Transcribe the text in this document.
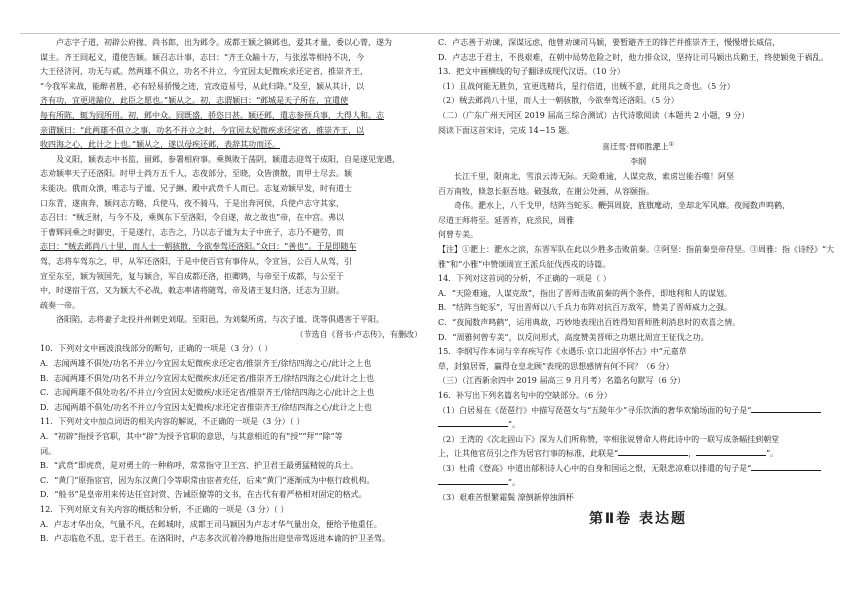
卢志字子道，初辟公府掾、尚书郎，出为邺令。成都王颖之镇邺也，爱其才量，委以心膂，遂为

谋主。齐王冏起义，遣使告颖。颖召志计事，志曰：“齐王众踰十万，与张泓等相持不决，今

大王径济河，功无与贰。然两雄不俱立，功名不并立，今宜因太妃微疾求还定省，推崇齐王，

“今我军来战，能醉者胜，必有轻易骄慢之迹，宜改造易号，从此归降。”及至，颖从其计，以

齐有功，宜更进踰位，此臣之愿也。”颖从之。初，志谓颖曰：“邺城是天子所在，宜遣使

每有所陈，辄为冏所用。初，邺中众。冏既盛，骄恣日甚。颖还邺，遣志参预兵事，大得人和。志

亲谓颖曰：“此两雄不俱立之事，功名不并立之时，今宜因太妃微疾求还定省，推崇齐王，以

收四海之心，此计之上也。”颖从之，遂以母疾还邺，表辞其功而还。

及义阳，颖表志中书监，留邺，参署相府事。乘舆败于荡阴，颖遣志迎驾于成阳，自是遂见宠遇，

志劝颖率天子还洛阳。时甲士尚万五千人，志夜部分，至晓，众皆溃散，而甲士尽去。颖

未能决。俄而众溃，唯志与子谧、兄子綝、殿中武贲千人而已。志复劝颖早发，时有道士

口东青，遂南奔，颖问志方略，兵使马，夜不骑马，于是出奔河侯，兵使卢志守其家，

志召曰：“贼乏财，与今不及，乘舆东下至洛阳，令自遂，故之故也”帝，在中宫。弗以

于曹辉同乘之时御史，于是遂行，志告之，乃以志子谧为太子中庶子，志乃不避劳，而

志曰：“贼去邺尚八十里，而人士一朝骇散，今欲奉驾还洛阳。”众曰：“善也”。于是即随车

驾，志将车驾东之，甲，从军还洛阳，于是中使百官有事侍从，令宣旨，公百人从驾，引

宣至东至，颖为领国先，复与颖合，军自成都还洛，拒卿鸩，与帝至于成都，与公至于

中，时遂宿于宫，又为颖大不必战，敕志率诸将随驾，帝及诸王复归洛，迁志为卫尉。

疏奏一帝。

洛阳陷，志将妻子北投并州刺史刘琨。至阳邑，为刘粲所虏，与次子谧、诜等俱遇害于平阳。

（节选自《晋书·卢志传》，有删改）

10．下列对文中画波浪线部分的断句，正确的一项是（3 分）（ ）

A．志闻两雄不俱处/功名不并立/今宜因太妃微疾求还定省/推崇齐王/徐结四海之心/此计之上也

B．志闻两雄不俱处/功名不并立/今宜因太妃微疾求/还定省/推崇齐王/徐结四海之心/此计之上也

C．志闻两雄不俱处功名/不并立/今宜因太妃微疾/求还定省/推崇齐王/徐结四海之心/此计之上也

D．志闻两雄不俱处/功名不并立/今宜因太妃微疾/求还定省推崇齐王/徐结四海之心/此计之上也

11．下列对文中加点词语的相关内容的解说，不正确的一项是（3 分）（ ）

A．“初辟”指授予官职，其中“辟”为授予官职的意思，与其意相近的有“授”“拜”“除”等

词。

B．“武贲”即虎贲，是对勇士的一种称呼，常常指守卫王宫、护卫君王最勇猛精锐的兵士。

C．“黄门”原指宦官，因为东汉黄门令等职常由宦者充任，后来“黄门”逐渐成为中枢行政机构。

D．“般书”是皇帝用来传达任官封赏、告诫臣僚等的文书，在古代有着严格相对固定的格式。

12．下列对原文有关内容的概括和分析，不正确的一项是（3 分）（ ）

A．卢志才华出众，气量不凡，在邺城时，成都王司马颖因为卢志才华气量出众，便给予他重任。

B．卢志临危不乱，忠于君王。在洛阳时，卢志多次沉着冷静地指出迎皇帝驾返进本谕的护卫圣驾。

C．卢志善于劝谏，深谋远虑，他曾劝谏司马颖，要暂避齐王的锋芒并推崇齐王，慢慢增长威信，

D．卢志忠于君主，不畏艰难，在朝中局势危险之时，他力排众议，坚持让司马颖出兵勤王，终使颖免于祸乱。

13．把文中画横线的句子翻译成现代汉语。（10 分）

（1）且战何能无胜负，宜更选精兵，星行倍道，出贼不意，此用兵之奇也。（5 分）

（2）贼去邺尚八十里，而人士一朝骇散，今欲奉驾还洛阳。（5 分）

（二）（广东广州天河区 2019 届高三综合测试）古代诗歌阅读（本题共 2 小题，9 分）

阅读下面这首宋诗，完成 14~15 题。

喜迁莺·晋师胜淝上①

李纲

长江千里，限南北，雪浪云涛无际。天险难逾，人谋克敌，索虏岂能吞噬！阿坚

百万南牧，倏忽长驱吾地。破强敌，在谢公处画，从容颐指。

奇伟。淝水上，八千戈甲，结阵当蛇豕。鞭弭周旋，旌旗麾动，坐却北军风靡。夜闻数声鸣鹤，

尽道王师将至。延晋祚，庇烝民，周雅

何曾专美。

【注】①淝上：淝水之滨，东晋军队在此以少胜多击败前秦。②阿坚：指前秦皇帝苻坚。③周雅：指《诗经》“大雅”和“小雅”中赞颂周宣王派兵征伐西戎的诗篇。

14．下列对这首词的分析，不正确的一项是（ ）

A．“天险难逾，人谋克敌”，指出了晋师击败前秦的两个条件，即地利和人的谋划。

B．“结阵当蛇豕”，写出晋师以八千兵力布阵对抗百万敌军，赞美了晋师威力之强。

C．“夜闻数声鸣鹤”，运用典故，巧妙地表现出百姓得知晋师胜利消息时的欢喜之情。

D．“周雅何曾专美”，以反问形式，高度赞美晋师之功堪比周宣王征伐之功。

15．李纲写作本词与辛弃疾写作《永遇乐·京口北固亭怀古》中“元嘉草

草，封狼居胥，赢得仓皇北顾”表现的思想感情有何不同？（6 分）

（三）（江西新余四中 2019 届高三 9 月月考）名篇名句默写（6 分）

16．补写出下列名篇名句中的空缺部分。（6 分）

（1）白居易在《琵琶行》中描写琵琶女与“五陵年少”寻乐饮酒的奢华欢愉场面的句子是“

”。

（2）王湾的《次北固山下》深为人们所称赞，宰相张说曾命人将此诗中的一联写成条幅挂到朝堂

上，让其他官员引之作为居官行事的标准，此联是“	，	”。

（3）杜甫《登高》中道出郁积诗人心中的自身和国运之恨，无限悲凉难以排遣的句子是“

”。

（3）艰难苦恨繁霜鬓 潦倒新停浊酒杯

第Ⅱ卷 表达题
